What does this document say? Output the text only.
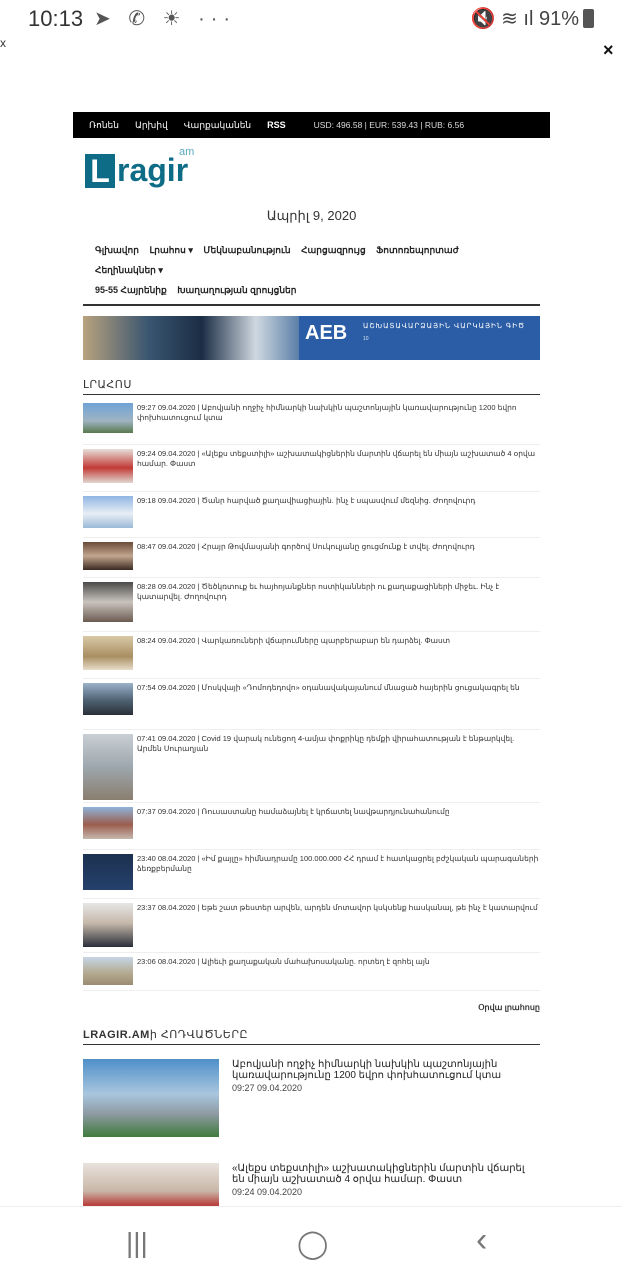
10:13 ➤ ✆ ☀ ···	🔇 ≋ ıl 91%
x	×
Ռոնեն Արխիվ Վարքականեն RSS	USD: 496.58 | EUR: 539.43 | RUB: 6.56
L ragir
am
Ապրիլ 9, 2020
Գլխավոր Լրահոս ▾ Մեկնաբանություն Հարցազրույց Ֆոտոռեպորտաժ Հեղինակներ ▾
95-55 Հայրենիք Խաղաղության զրույցներ
AEB ԱՇԽԱՏԱՎԱՐՁԱՅԻՆ ՎԱՐԿԱՅԻՆ ԳԻԾ
10
ԼՐԱՀՈՍ
09:27 09.04.2020 | Աբովյանի ողջիչ հիմնարկի նախկին պաշտոնյային կառավարությունը 1200 եվրո փոխհատուցում կտա
09:24 09.04.2020 | «Ալեքս տեքստիլի» աշխատակիցներին մարտին վճարել են միայն աշխատած 4 օրվա համար. Փաստ
09:18 09.04.2020 | Ծանր հարված քաղավիացիային. ինչ է սպասվում մեզնից. Ժողովուրդ
08:47 09.04.2020 | Հրայր Թովմասյանի գործով Սուկուլյանը ցուցմունք է տվել. Ժողովուրդ
08:28 09.04.2020 | Ծեծկռտուք եւ հայհոյանքներ ոստիկանների ու քաղաքացիների միջեւ. Ինչ է կատարվել. Ժողովուրդ
08:24 09.04.2020 | Վարկառուների վճարումները պարբերաբար են դարձել. Փաստ
07:54 09.04.2020 | Մոսկվայի «Դոմոդեդովո» օդանավակայանում մնացած հայերին ցուցակագրել են
07:41 09.04.2020 | Covid 19 վարակ ունեցող 4-ամյա փոքրիկը դեմքի վիրահատության է ենթարկվել. Արմեն Սուրաղյան
07:37 09.04.2020 | Ռուսաստանը համաձայնել է կրճատել նավթարդյունահանումը
23:40 08.04.2020 | «Իմ քայլը» հիմնադրամը 100.000.000 ՀՀ դրամ է հատկացրել բժշկական պարագաների ձեռքբերմանը
23:37 08.04.2020 | Եթե շատ թեստեր արվեն, արդեն մոտավոր կսկսենք հասկանալ, թե ինչ է կատարվում
23:06 08.04.2020 | Ալիեւի քաղաքական մահախոսականը. որտեղ է զոհել այն
Օրվա լրահոսը
LRAGIR.AMի ՀՈԴՎԱԾՆԵՐԸ
Աբովյանի ողջիչ հիմնարկի նախկին պաշտոնյային կառավարությունը 1200 եվրո փոխհատուցում կտա
09:27 09.04.2020
«Ալեքս տեքստիլի» աշխատակիցներին մարտին վճարել են միայն աշխատած 4 օրվա համար. Փաստ
09:24 09.04.2020
|||	◯	‹
